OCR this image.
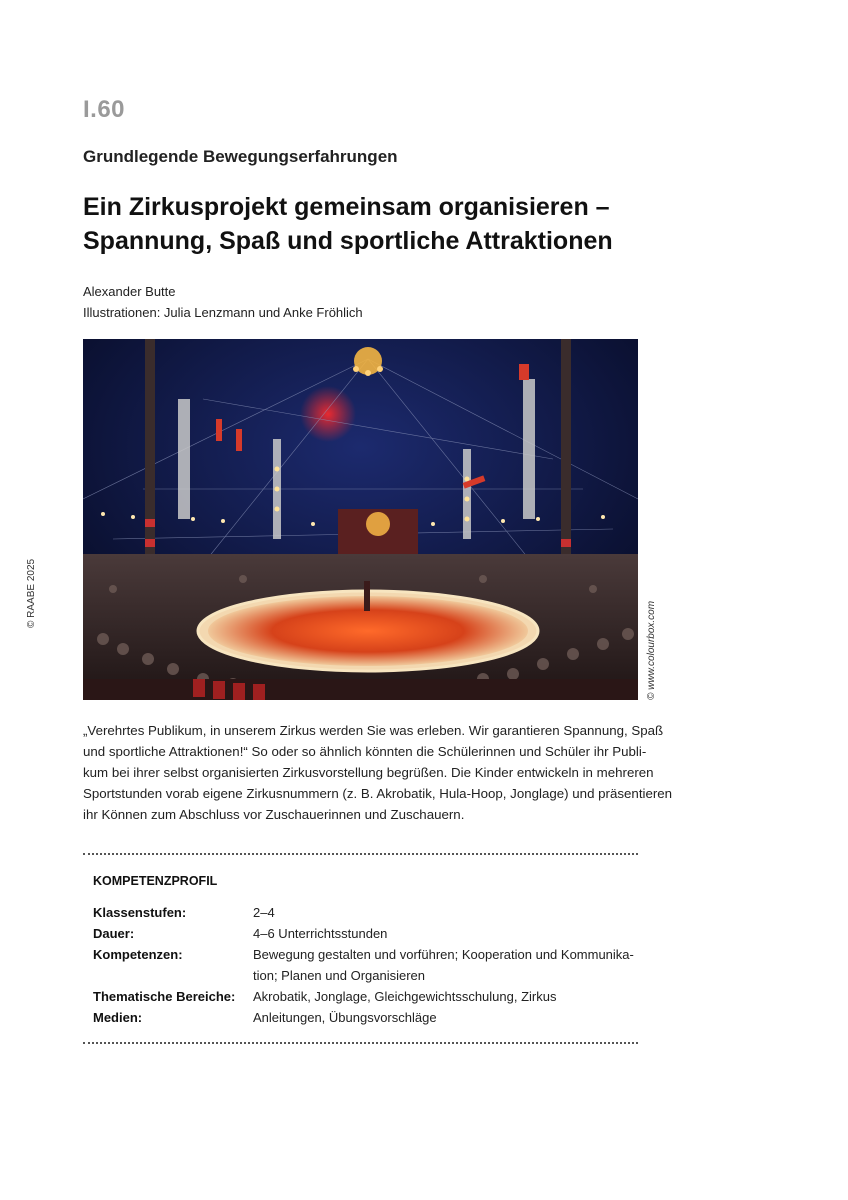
I.60
Grundlegende Bewegungserfahrungen
Ein Zirkusprojekt gemeinsam organisieren –
Spannung, Spaß und sportliche Attraktionen
Alexander Butte
Illustrationen: Julia Lenzmann und Anke Fröhlich
© RAABE 2025
© www.colourbox.com
„Verehrtes Publikum, in unserem Zirkus werden Sie was erleben. Wir garantieren Spannung, Spaß
und sportliche Attraktionen!“ So oder so ähnlich könnten die Schülerinnen und Schüler ihr Publi-
kum bei ihrer selbst organisierten Zirkusvorstellung begrüßen. Die Kinder entwickeln in mehreren
Sportstunden vorab eigene Zirkusnummern (z. B. Akrobatik, Hula-Hoop, Jonglage) und präsentieren
ihr Können zum Abschluss vor Zuschauerinnen und Zuschauern.
KOMPETENZPROFIL
Klassenstufen:	2–4
Dauer:	4–6 Unterrichtsstunden
Kompetenzen:	Bewegung gestalten und vorführen; Kooperation und Kommunika-
tion; Planen und Organisieren
Thematische Bereiche:	Akrobatik, Jonglage, Gleichgewichtsschulung, Zirkus
Medien:	Anleitungen, Übungsvorschläge
